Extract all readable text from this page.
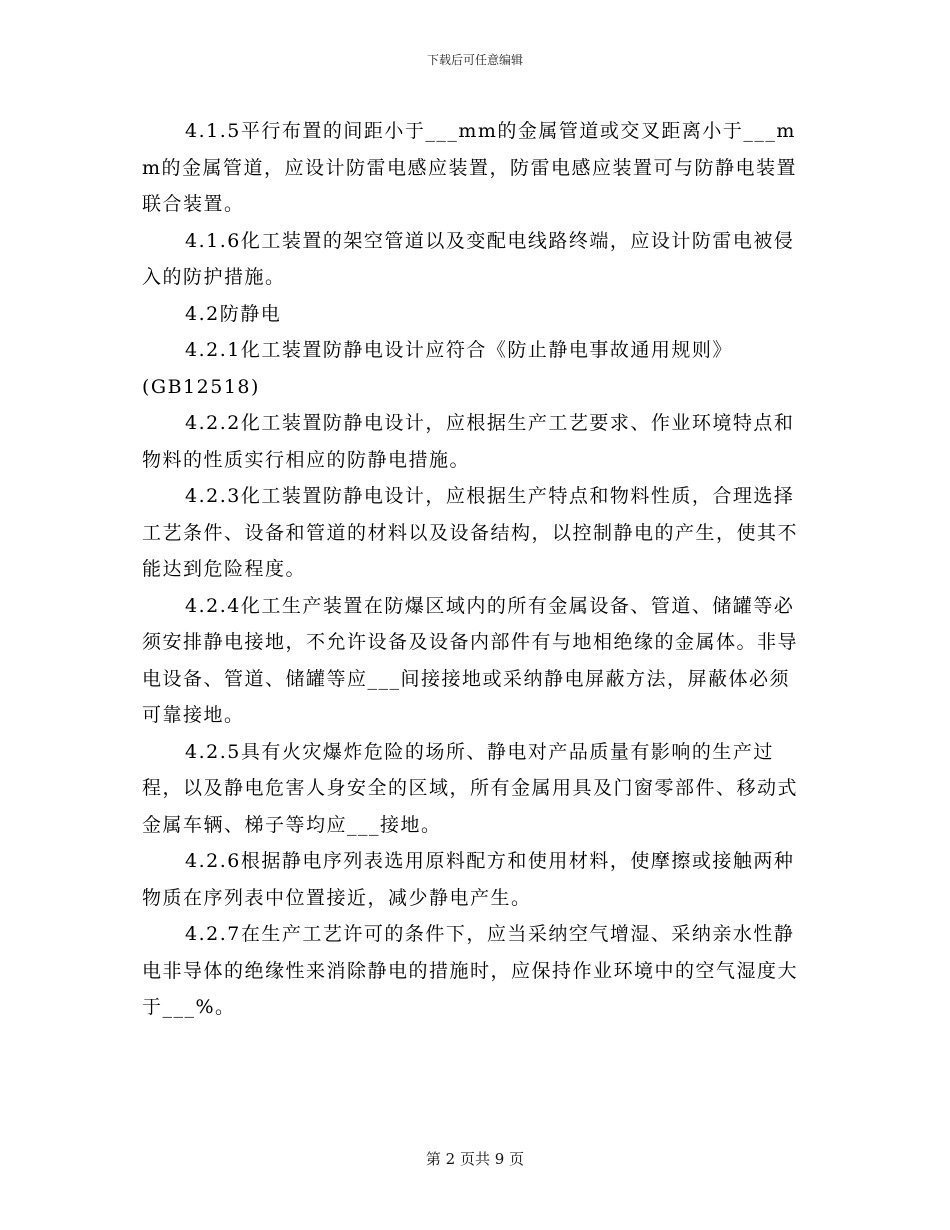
下载后可任意编辑

4.1.5平行布置的间距小于___mm的金属管道或交叉距离小于___mm的金属管道，应设计防雷电感应装置，防雷电感应装置可与防静电装置联合装置。

4.1.6化工装置的架空管道以及变配电线路终端，应设计防雷电被侵入的防护措施。

4.2防静电

4.2.1化工装置防静电设计应符合《防止静电事故通用规则》

(GB12518)

4.2.2化工装置防静电设计，应根据生产工艺要求、作业环境特点和物料的性质实行相应的防静电措施。

4.2.3化工装置防静电设计，应根据生产特点和物料性质，合理选择工艺条件、设备和管道的材料以及设备结构，以控制静电的产生，使其不能达到危险程度。

4.2.4化工生产装置在防爆区域内的所有金属设备、管道、储罐等必须安排静电接地，不允许设备及设备内部件有与地相绝缘的金属体。非导电设备、管道、储罐等应___间接接地或采纳静电屏蔽方法，屏蔽体必须可靠接地。

4.2.5具有火灾爆炸危险的场所、静电对产品质量有影响的生产过程，以及静电危害人身安全的区域，所有金属用具及门窗零部件、移动式金属车辆、梯子等均应___接地。

4.2.6根据静电序列表选用原料配方和使用材料，使摩擦或接触两种物质在序列表中位置接近，减少静电产生。

4.2.7在生产工艺许可的条件下，应当采纳空气增湿、采纳亲水性静电非导体的绝缘性来消除静电的措施时，应保持作业环境中的空气湿度大于___%。

第 2 页共 9 页
